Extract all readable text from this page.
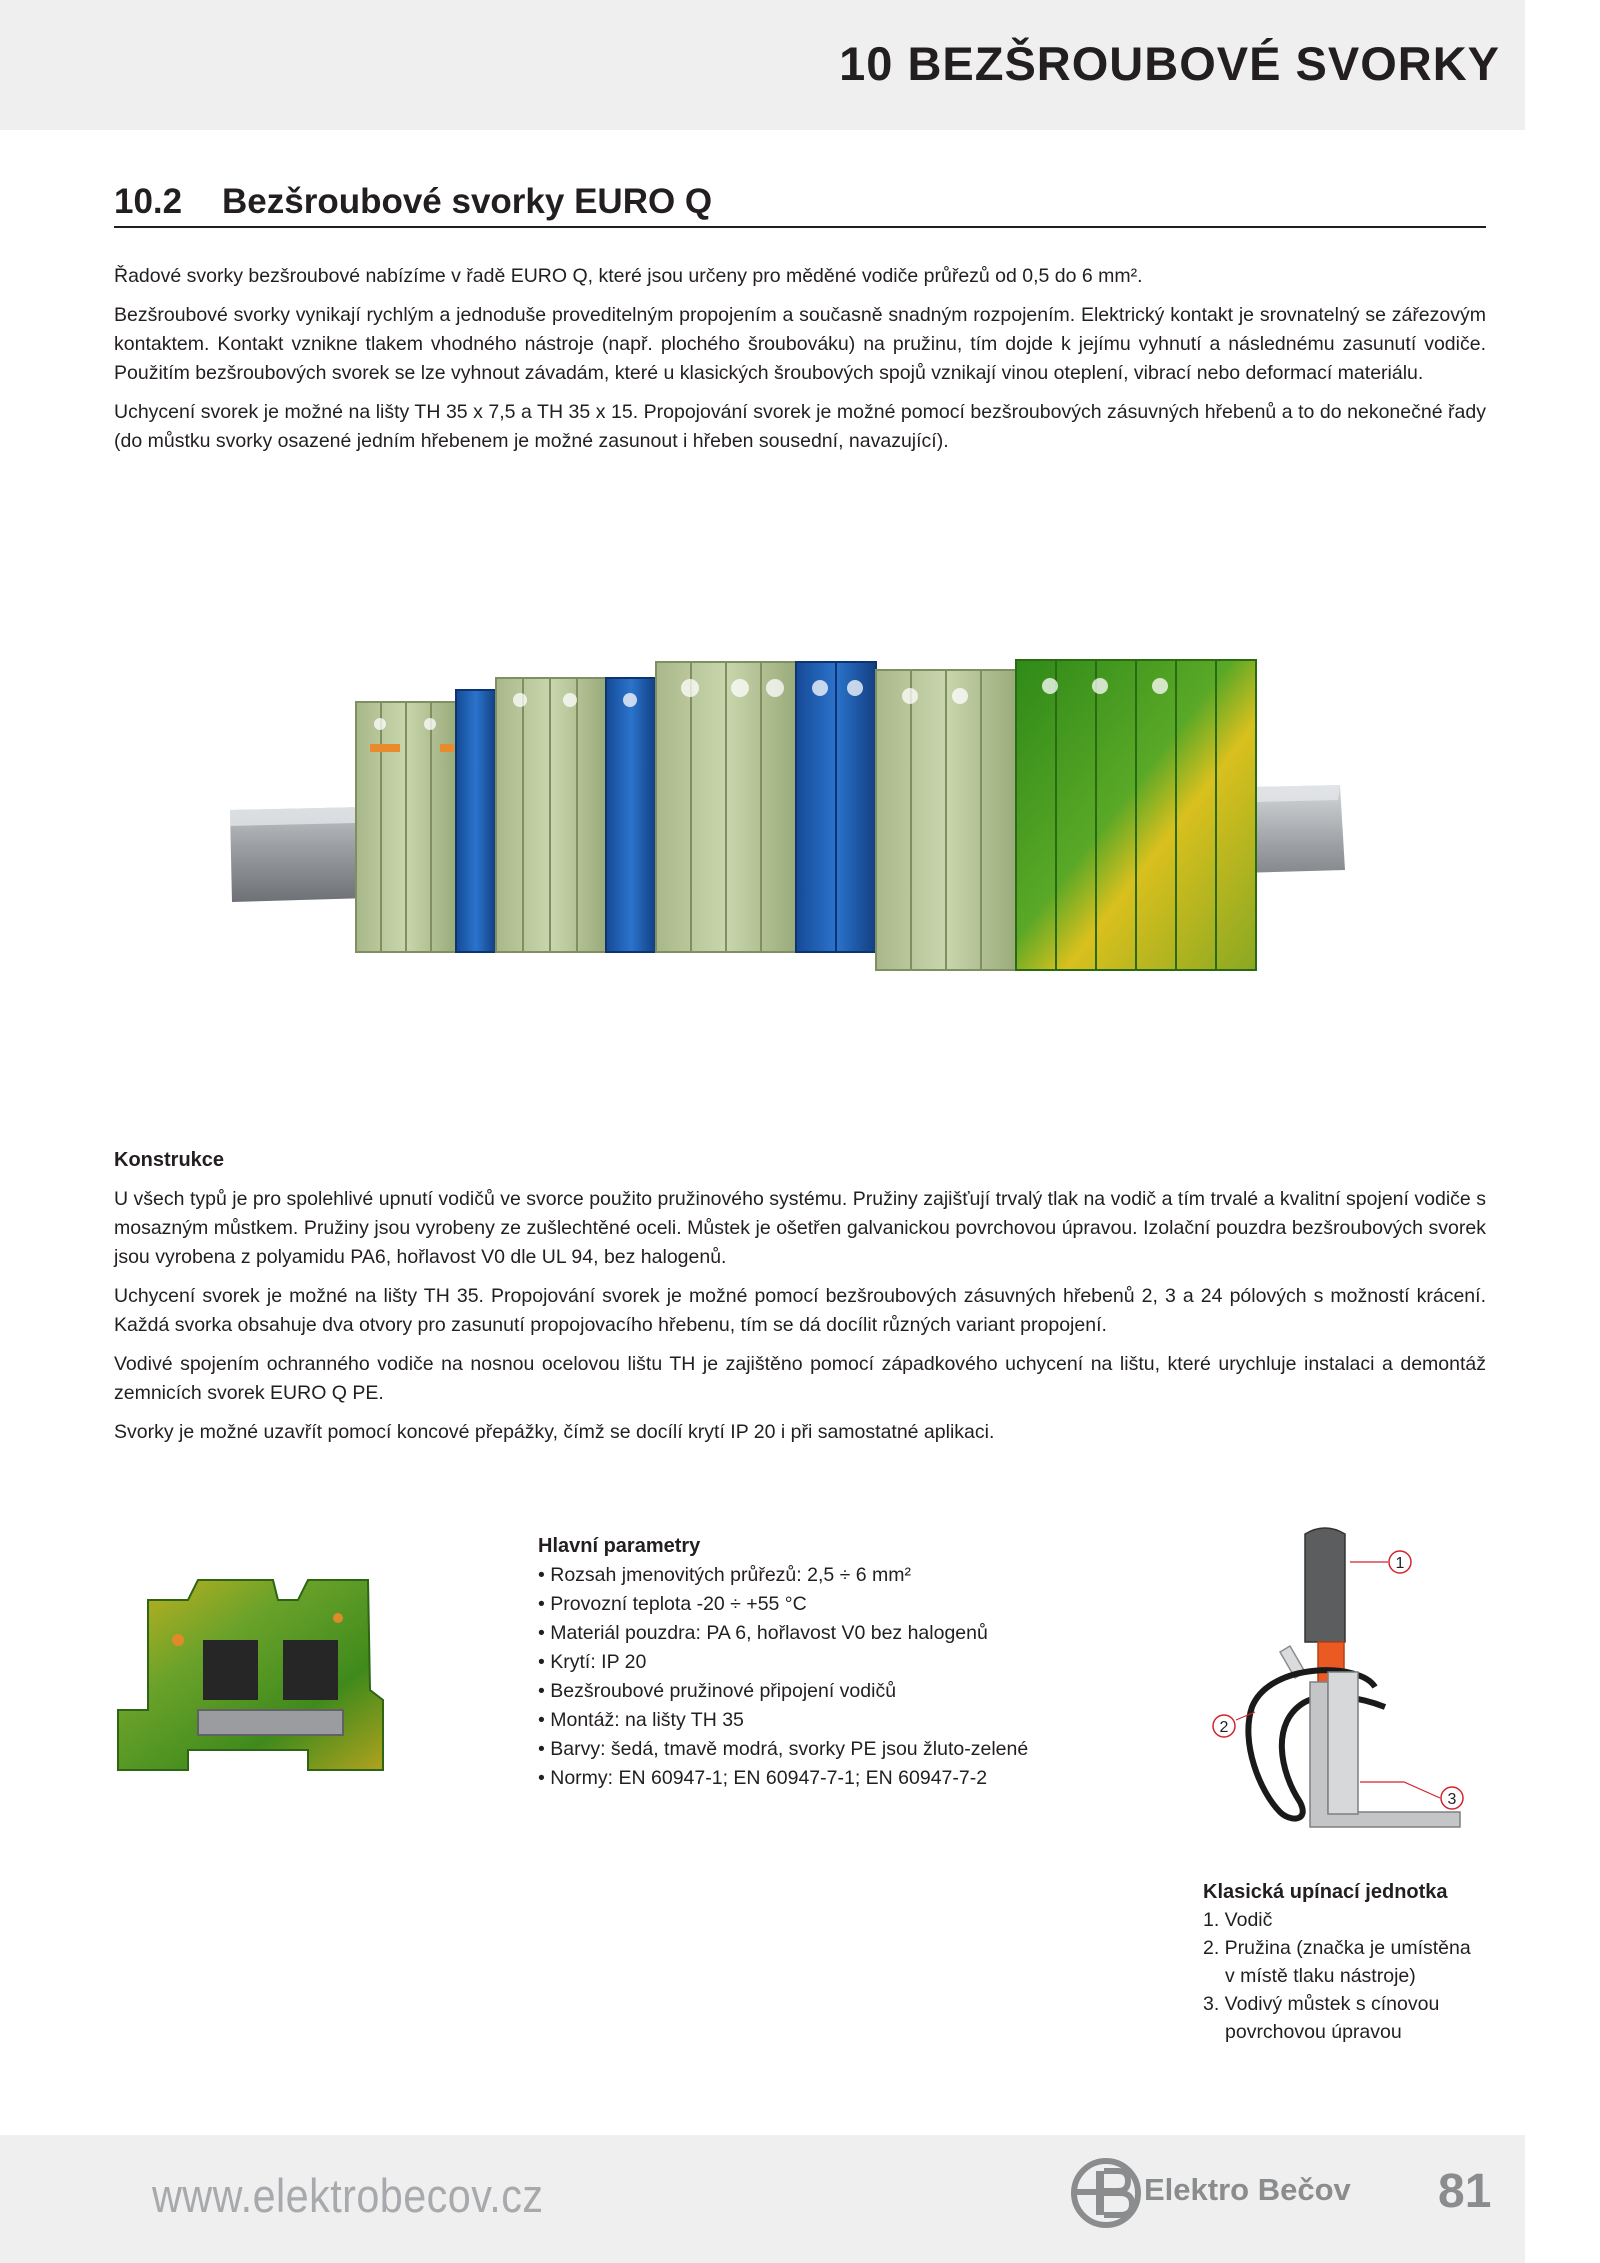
10 BEZŠROUBOVÉ SVORKY
10.2 Bezšroubové svorky EURO Q

Řadové svorky bezšroubové nabízíme v řadě EURO Q, které jsou určeny pro měděné vodiče průřezů od 0,5 do 6 mm².

Bezšroubové svorky vynikají rychlým a jednoduše proveditelným propojením a současně snadným rozpojením. Elektrický kontakt je srovnatelný se zářezovým kontaktem. Kontakt vznikne tlakem vhodného nástroje (např. plochého šroubováku) na pružinu, tím dojde k jejímu vyhnutí a následnému zasunutí vodiče. Použitím bezšroubových svorek se lze vyhnout závadám, které u klasických šroubových spojů vznikají vinou oteplení, vibrací nebo deformací materiálu.

Uchycení svorek je možné na lišty TH 35 x 7,5 a TH 35 x 15. Propojování svorek je možné pomocí bezšroubových zásuvných hřebenů a to do nekonečné řady (do můstku svorky osazené jedním hřebenem je možné zasunout i hřeben sousední, navazující).

Konstrukce

U všech typů je pro spolehlivé upnutí vodičů ve svorce použito pružinového systému. Pružiny zajišťují trvalý tlak na vodič a tím trvalé a kvalitní spojení vodiče s mosazným můstkem. Pružiny jsou vyrobeny ze zušlechtěné oceli. Můstek je ošetřen galvanickou povrchovou úpravou. Izolační pouzdra bezšroubových svorek jsou vyrobena z polyamidu PA6, hořlavost V0 dle UL 94, bez halogenů.

Uchycení svorek je možné na lišty TH 35. Propojování svorek je možné pomocí bezšroubových zásuvných hřebenů 2, 3 a 24 pólových s možností krácení. Každá svorka obsahuje dva otvory pro zasunutí propojovacího hřebenu, tím se dá docílit různých variant propojení.

Vodivé spojením ochranného vodiče na nosnou ocelovou lištu TH je zajištěno pomocí západkového uchycení na lištu, které urychluje instalaci a demontáž zemnicích svorek EURO Q PE.

Svorky je možné uzavřít pomocí koncové přepážky, čímž se docílí krytí IP 20 i při samostatné aplikaci.

Hlavní parametry
• Rozsah jmenovitých průřezů: 2,5 ÷ 6 mm²
• Provozní teplota -20 ÷ +55 °C
• Materiál pouzdra: PA 6, hořlavost V0 bez halogenů
• Krytí: IP 20
• Bezšroubové pružinové připojení vodičů
• Montáž: na lišty TH 35
• Barvy: šedá, tmavě modrá, svorky PE jsou žluto-zelené
• Normy: EN 60947-1; EN 60947-7-1; EN 60947-7-2
1
2
3
Klasická upínací jednotka
1. Vodič
2. Pružina (značka je umístěna
v místě tlaku nástroje)
3. Vodivý můstek s cínovou
povrchovou úpravou
www.elektrobecov.cz	Elektro Bečov 81
